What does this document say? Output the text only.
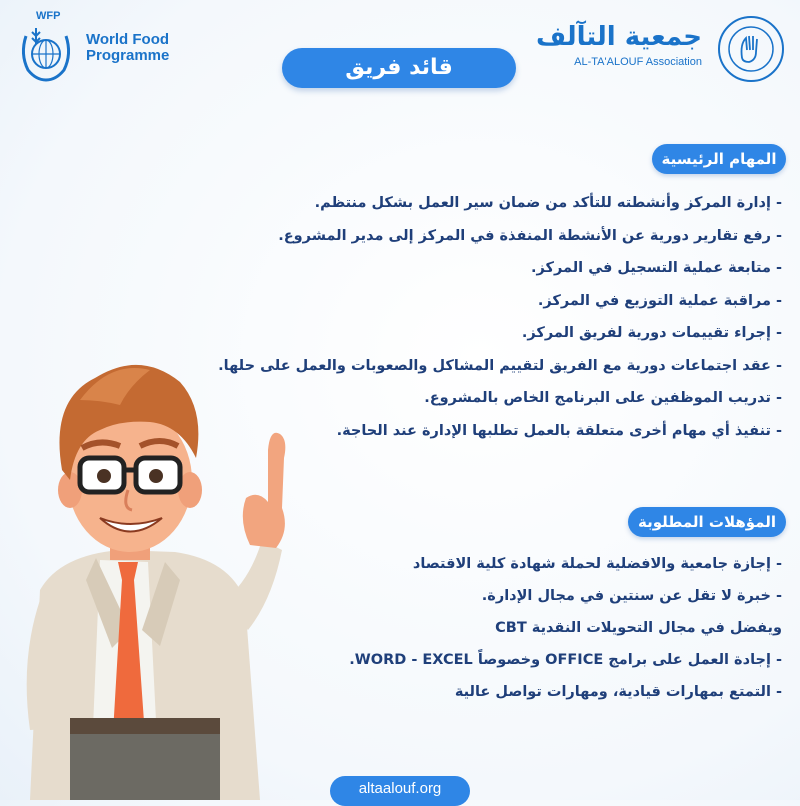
WFP
World Food
Programme
جمعية التآلف
AL-TA'ALOUF Association
قائد فريق
المهام الرئيسية
- إدارة المركز وأنشطته للتأكد من ضمان سير العمل بشكل منتظم.
- رفع تقارير دورية عن الأنشطة المنفذة في المركز إلى مدير المشروع.
- متابعة عملية التسجيل في المركز.
- مراقبة عملية التوزيع في المركز.
- إجراء تقييمات دورية لفريق المركز.
- عقد اجتماعات دورية مع الفريق لتقييم المشاكل والصعوبات والعمل على حلها.
- تدريب الموظفين على البرنامج الخاص بالمشروع.
- تنفيذ أي مهام أخرى متعلقة بالعمل تطلبها الإدارة عند الحاجة.
المؤهلات المطلوبة
- إجازة جامعية والافضلية لحملة شهادة كلية الاقتصاد
- خبرة لا تقل عن سنتين في مجال الإدارة.
ويفضل في مجال التحويلات النقدية CBT
- إجادة العمل على برامج OFFICE وخصوصاً WORD - EXCEL.
- التمتع بمهارات قيادية، ومهارات تواصل عالية
altaalouf.org
